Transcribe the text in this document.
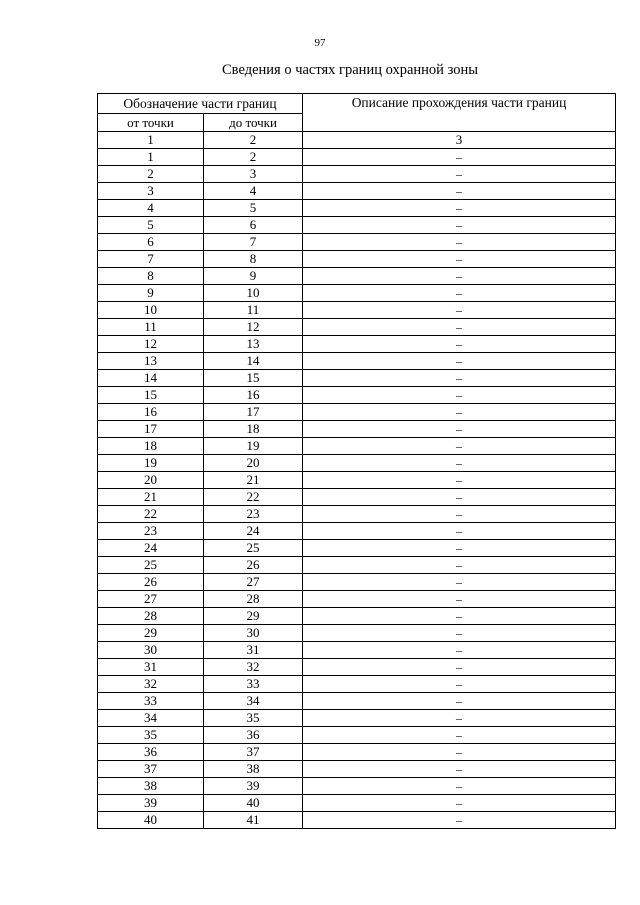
97
Сведения о частях границ охранной зоны
Обозначение части границ		Описание прохождения части границ
от точки	до точки	
1	2	3
1	2	–
2	3	–
3	4	–
4	5	–
5	6	–
6	7	–
7	8	–
8	9	–
9	10	–
10	11	–
11	12	–
12	13	–
13	14	–
14	15	–
15	16	–
16	17	–
17	18	–
18	19	–
19	20	–
20	21	–
21	22	–
22	23	–
23	24	–
24	25	–
25	26	–
26	27	–
27	28	–
28	29	–
29	30	–
30	31	–
31	32	–
32	33	–
33	34	–
34	35	–
35	36	–
36	37	–
37	38	–
38	39	–
39	40	–
40	41	–
